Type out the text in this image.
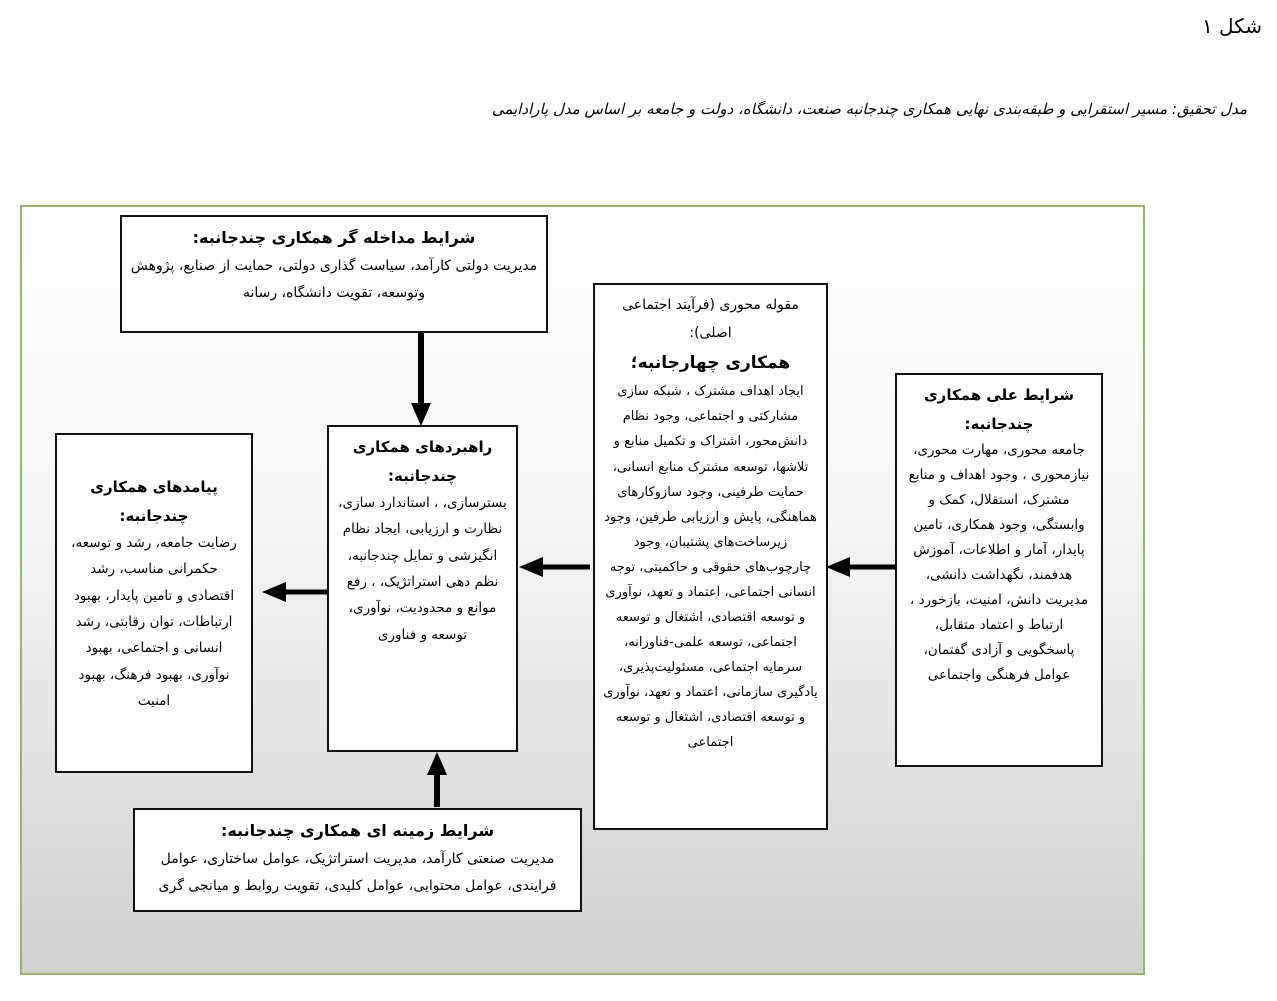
شکل ۱
مدل تحقیق: مسیر استقرایی و طبقه‌بندی نهایی همکاری چندجانبه صنعت، دانشگاه، دولت و جامعه بر اساس مدل پارادایمی
شرایط مداخله گر همکاری چندجانبه:
مدیریت دولتی کارآمد، سیاست گذاری دولتی، حمایت از صنایع، پژوهش وتوسعه، تقویت دانشگاه، رسانه
مقوله محوری (فرآیند اجتماعی اصلی):
همکاری چهارجانبه؛
ایجاد اهداف مشترک ، شبکه سازی مشارکتی و اجتماعی، وجود نظام دانش‌محور، اشتراک و تکمیل منابع و تلاشها، توسعه مشترک منابع انسانی، حمایت طرفینی، وجود سازوکارهای هماهنگی، پایش و ارزیابی طرفین، وجود زیرساخت‌های پشتیبان، وجود چارچوب‌های حقوقی و حاکمیتی، توجه انسانی اجتماعی، اعتماد و تعهد، نوآوری و توسعه اقتصادی، اشتغال و توسعه اجتماعی، توسعه علمی-فناورانه، سرمایه اجتماعی، مسئولیت‌پذیری، یادگیری سازمانی، اعتماد و تعهد، نوآوری و توسعه اقتصادی، اشتغال و توسعه اجتماعی
شرایط علی همکاری چندجانبه:
جامعه محوری، مهارت محوری، نیازمحوری ، وجود اهداف و منابع مشترک، استقلال، کمک و وابستگی، وجود همکاری، تامین پایدار، آمار و اطلاعات، آموزش هدفمند، نگهداشت دانشی، مدیریت دانش، امنیت، بازخورد ، ارتباط و اعتماد متقابل، پاسخگویی و آزادی گفتمان، عوامل فرهنگی واجتماعی
راهبردهای همکاری چندجانبه:
بسترسازی، ، استاندارد سازی، نظارت و ارزیابی، ایجاد نظام انگیزشی و تمایل چندجانبه، نظم دهی استراتژیک، ، رفع موانع و محدودیت، نوآوری، توسعه و فناوری
پیامدهای همکاری چندجانبه:
رضایت جامعه، رشد و توسعه، حکمرانی مناسب، رشد اقتصادی و تامین پایدار، بهبود ارتباطات، توان رقابتی، رشد انسانی و اجتماعی، بهبود نوآوری، بهبود فرهنگ، بهبود امنیت
شرایط زمینه ای همکاری چندجانبه:
مدیریت صنعتی کارآمد، مدیریت استراتژیک، عوامل ساختاری، عوامل فرایندی، عوامل محتوایی، عوامل کلیدی، تقویت روابط و میانجی گری
